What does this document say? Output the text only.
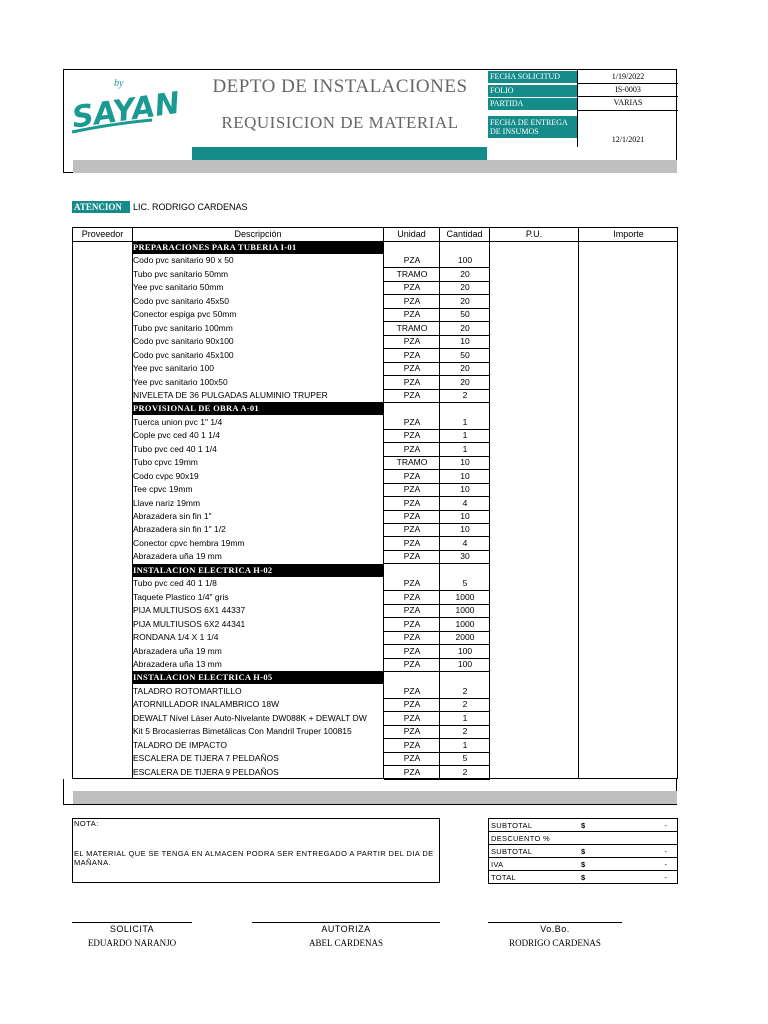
by
SAYAN	DEPTO DE INSTALACIONES
REQUISICION DE MATERIAL
FECHA SOLICITUD	1/19/2022
FOLIO	IS-0003
PARTIDA	VARIAS
FECHA DE ENTREGA DE INSUMOS
12/1/2021
ATENCION	LIC. RODRIGO CARDENAS
Proveedor	Descripción	Unidad	Cantidad	P.U.	Importe
PREPARACIONES PARA TUBERIA I-01
Codo pvc sanitario 90 x 50	PZA	100
Tubo pvc sanitario 50mm	TRAMO	20
Yee pvc sanitario 50mm	PZA	20
Codo pvc sanitario 45x50	PZA	20
Conector espiga pvc 50mm	PZA	50
Tubo pvc sanitario 100mm	TRAMO	20
Codo pvc sanitario 90x100	PZA	10
Codo pvc sanitario 45x100	PZA	50
Yee pvc sanitario 100	PZA	20
Yee pvc sanitario 100x50	PZA	20
NIVELETA DE 36 PULGADAS ALUMINIO TRUPER	PZA	2
PROVISIONAL DE OBRA A-01
Tuerca union pvc 1" 1/4	PZA	1
Cople pvc ced 40 1 1/4	PZA	1
Tubo pvc ced 40 1 1/4	PZA	1
Tubo cpvc 19mm	TRAMO	10
Codo cvpc 90x19	PZA	10
Tee cpvc 19mm	PZA	10
Llave nariz 19mm	PZA	4
Abrazadera sin fin 1"	PZA	10
Abrazadera sin fin 1" 1/2	PZA	10
Conector cpvc hembra 19mm	PZA	4
Abrazadera uña 19 mm	PZA	30
INSTALACION ELECTRICA H-02
Tubo pvc ced 40 1 1/8	PZA	5
Taquete Plastico 1/4" gris	PZA	1000
PIJA MULTIUSOS 6X1 44337	PZA	1000
PIJA MULTIUSOS 6X2 44341	PZA	1000
RONDANA 1/4 X 1 1/4	PZA	2000
Abrazadera uña 19 mm	PZA	100
Abrazadera uña 13 mm	PZA	100
INSTALACION ELECTRICA H-05
TALADRO ROTOMARTILLO	PZA	2
ATORNILLADOR INALAMBRICO 18W	PZA	2
DEWALT Nivel Láser Auto-Nivelante DW088K + DEWALT DW	PZA	1
Kit 5 Brocasierras Bimetálicas Con Mandril Truper 100815	PZA	2
TALADRO DE IMPACTO	PZA	1
ESCALERA DE TIJERA 7 PELDAÑOS	PZA	5
ESCALERA DE TIJERA 9 PELDAÑOS	PZA	2
NOTA:
EL MATERIAL QUE SE TENGA EN ALMACEN PODRA SER ENTREGADO A PARTIR DEL DIA DE MAÑANA.
SUBTOTAL	$	-
DESCUENTO %
SUBTOTAL	$	-
IVA	$	-
TOTAL	$	-
SOLICITA
EDUARDO NARANJO
AUTORIZA
ABEL CARDENAS
Vo.Bo.
RODRIGO CARDENAS
